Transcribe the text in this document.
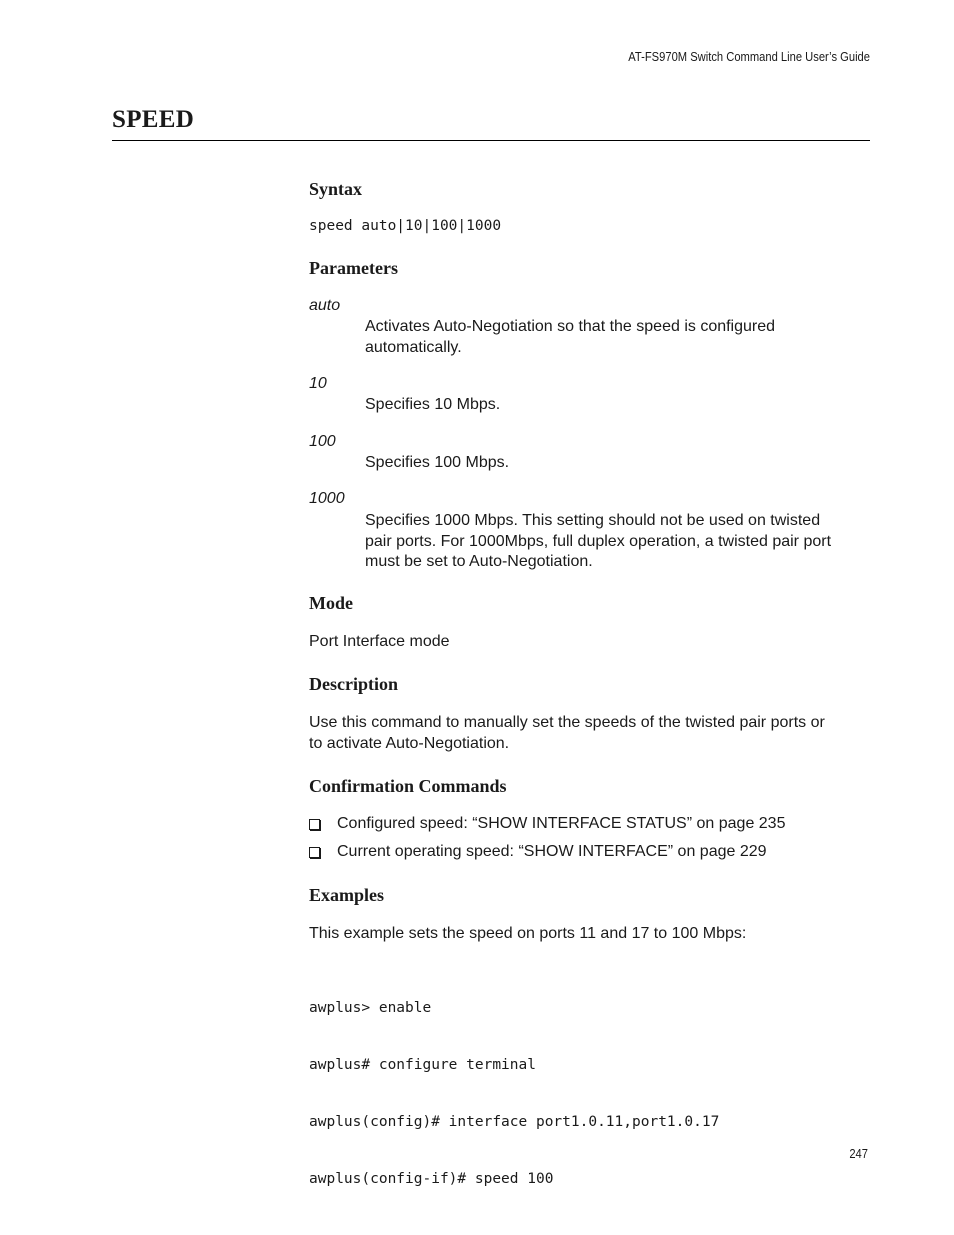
AT-FS970M Switch Command Line User’s Guide
SPEED
Syntax
speed auto|10|100|1000
Parameters
auto
Activates Auto-Negotiation so that the speed is configured
automatically.
10
Specifies 10 Mbps.
100
Specifies 100 Mbps.
1000
Specifies 1000 Mbps. This setting should not be used on twisted
pair ports. For 1000Mbps, full duplex operation, a twisted pair port
must be set to Auto-Negotiation.
Mode
Port Interface mode
Description
Use this command to manually set the speeds of the twisted pair ports or
to activate Auto-Negotiation.
Confirmation Commands
Configured speed: “SHOW INTERFACE STATUS” on page 235
Current operating speed: “SHOW INTERFACE” on page 229
Examples
This example sets the speed on ports 11 and 17 to 100 Mbps:

awplus> enable

awplus# configure terminal

awplus(config)# interface port1.0.11,port1.0.17

awplus(config-if)# speed 100

247
